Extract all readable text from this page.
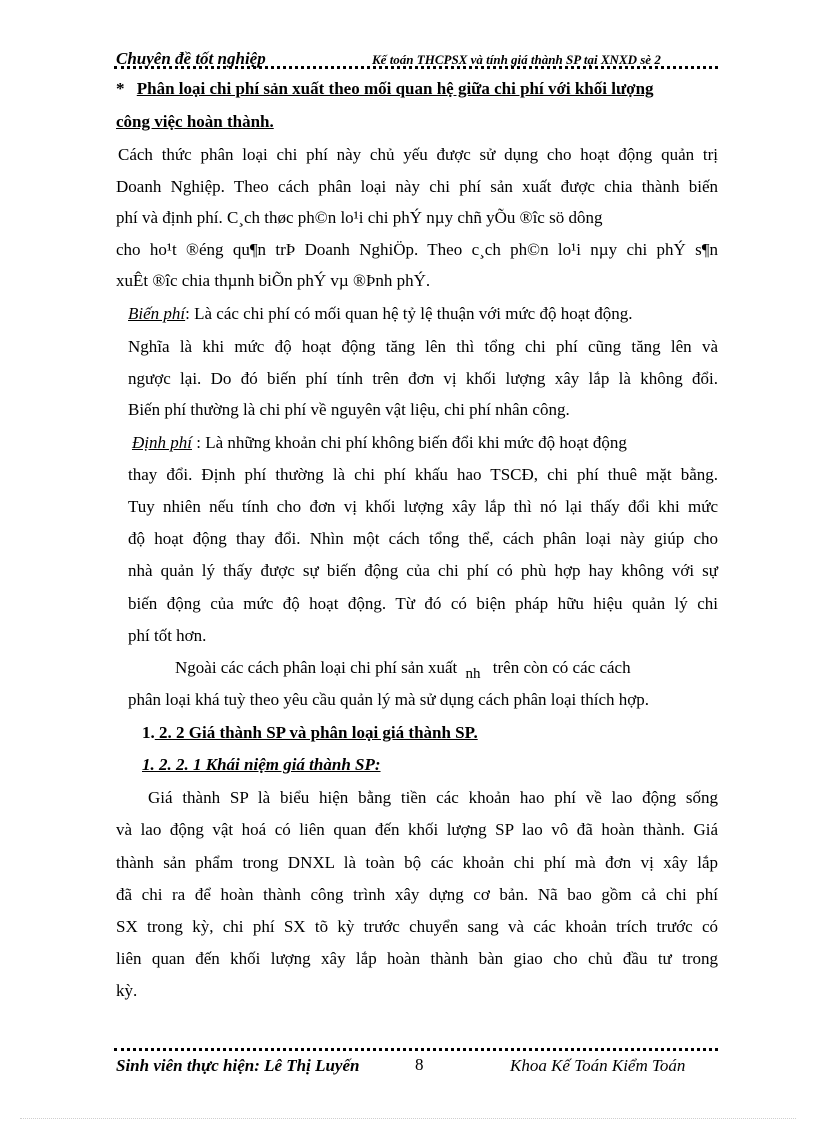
Chuyên đề tốt nghiệp	Kế toán THCPSX và tính giá thành SP tại XNXD sè 2
* Phân loại chi phí sản xuất theo mối quan hệ giữa chi phí với khối lượng
công việc hoàn thành.
Cách thức phân loại chi phí này chủ yếu được sử dụng cho hoạt động quản trị
Doanh Nghiệp. Theo cách phân loại này chi phí sản xuất được chia thành biến
phí và định phí. C¸ch thøc ph©n lo¹i chi phÝ nµy chñ yÕu ®îc sö dông
cho ho¹t ®éng qu¶n trÞ Doanh NghiÖp. Theo c¸ch ph©n lo¹i nµy chi phÝ s¶n
xuÊt ®îc chia thµnh biÕn phÝ vµ ®Þnh phÝ.
Biến phí: Là các chi phí có mối quan hệ tỷ lệ thuận với mức độ hoạt động.
Nghĩa là khi mức độ hoạt động tăng lên thì tổng chi phí cũng tăng lên và
ngược lại. Do đó biến phí tính trên đơn vị khối lượng xây lắp là không đổi.
Biến phí thường là chi phí về nguyên vật liệu, chi phí nhân công.
Định phí : Là những khoản chi phí không biến đổi khi mức độ hoạt động
thay đổi. Định phí thường là chi phí khấu hao TSCĐ, chi phí thuê mặt bằng.
Tuy nhiên nếu tính cho đơn vị khối lượng xây lắp thì nó lại thấy đổi khi mức
độ hoạt động thay đổi. Nhìn một cách tổng thể, cách phân loại này giúp cho
nhà quản lý thấy được sự biến động của chi phí có phù hợp hay không với sự
biến động của mức độ hoạt động. Từ đó có biện pháp hữu hiệu quản lý chi
phí tốt hơn.
Ngoài các cách phân loại chi phí sản xuất nh trên còn có các cách
phân loại khá tuỳ theo yêu cầu quản lý mà sử dụng cách phân loại thích hợp.
1. 2. 2 Giá thành SP và phân loại giá thành SP.
1. 2. 2. 1 Khái niệm giá thành SP:
Giá thành SP là biểu hiện bằng tiền các khoản hao phí về lao động sống
và lao động vật hoá có liên quan đến khối lượng SP lao vô đã hoàn thành. Giá
thành sản phẩm trong DNXL là toàn bộ các khoản chi phí mà đơn vị xây lắp
đã chi ra để hoàn thành công trình xây dựng cơ bản. Nã bao gồm cả chi phí
SX trong kỳ, chi phí SX tõ kỳ trước chuyển sang và các khoản trích trước có
liên quan đến khối lượng xây lắp hoàn thành bàn giao cho chủ đầu tư trong
kỳ.
Sinh viên thực hiện: Lê Thị Luyến	8	Khoa Kế Toán Kiểm Toán
